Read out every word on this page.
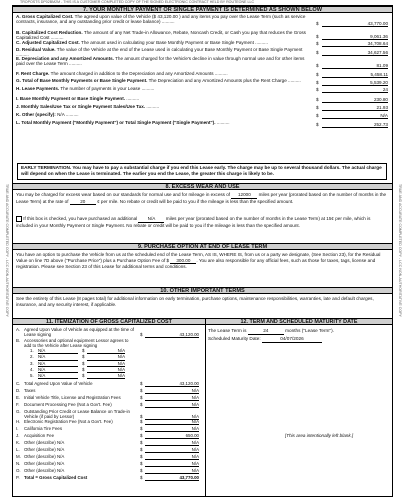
TROPOSTS DP02BM2M - THIS IS A CUSTOMER COMPLETED COPY OF THE SIGNED ELECTRONIC CONTRACT HELD BY ROUTEONE LLC
TRUE AND ACCURATE COMPLETED COPY - LCC NON-AUTHORITATIVE COPY	TRUE AND ACCURATE COMPLETED COPY - LCC NON-AUTHORITATIVE COPY
7. YOUR MONTHLY PAYMENT OR SINGLE PAYMENT IS DETERMINED AS SHOWN BELOW
A. Gross Capitalized Cost. The agreed upon value of the Vehicle ($ 43,120.00 ) and any items you pay over the Lease Term (such as service contracts, insurance, and any outstanding prior credit or lease balance) ..........	$	43,770.00
B. Capitalized Cost Reduction. The amount of any Net Trade-in Allowance, Rebate, Noncash Credit, or Cash you pay that reduces the Gross Capitalized Cost ..........	$	9,061.36
C. Adjusted Capitalized Cost. The amount used in calculating your Base Monthly Payment or Base Single Payment ..........	$	34,708.64
D. Residual Value. The value of the Vehicle at the end of the Lease used in calculating your Base Monthly Payment or Base Single Payment ..........	$	34,627.56
E. Depreciation and any Amortized Amounts. The amount charged for the Vehicle's decline in value through normal use and for other items paid over the Lease Term ..........	$	81.09
F. Rent Charge. The amount charged in addition to the Depreciation and any Amortized Amounts ..........	$	5,458.11
G. Total of Base Monthly Payments or Base Single Payment. The Depreciation and any Amortized Amounts plus the Rent Charge ..........	$	5,539.20
H. Lease Payments. The number of payments in your Lease ..........	$	24
I. Base Monthly Payment or Base Single Payment. ..........	$	230.80
J. Monthly Sales/Use Tax or Single Payment Sales/Use Tax. ..........	$	21.93
K. Other (specify): N/A ..........	$	N/A
L. Total Monthly Payment ("Monthly Payment") or Total Single Payment ("Single Payment"). ..........	$	252.73
EARLY TERMINATION. You may have to pay a substantial charge if you end this Lease early. The charge may be up to several thousand dollars. The actual charge will depend on when the Lease is terminated. The earlier you end the Lease, the greater this charge is likely to be.
8. EXCESS WEAR AND USE
You may be charged for excess wear based on our standards for normal use and for mileage in excess of 12000 miles per year (prorated based on the number of months in the Lease Term) at the rate of	20	¢ per mile. No rebate or credit will be paid to you if the mileage is less than the specified amount.
If this box is checked, you have purchased an additional N/A miles per year (prorated based on the number of months in the Lease Term) at 15¢ per mile, which is included in your Monthly Payment or Single Payment. No rebate or credit will be paid to you if the mileage is less than the specified amount.
9. PURCHASE OPTION AT END OF LEASE TERM
You have an option to purchase the Vehicle from us at the scheduled end of the Lease Term, AS IS, WHERE IS, from us or a party we designate, (See Section 23), for the Residual Value on line 7D above ("Purchase Price") plus a Purchase Option Fee of $ 300.00 . You are also responsible for any official fees, such as those for taxes, tags, license and registration. Please see Section 23 of this Lease for additional terms and conditions.
10. OTHER IMPORTANT TERMS
See the entirety of this Lease (8 pages total) for additional information on early termination, purchase options, maintenance responsibilities, warranties, late and default charges, insurance, and any security interest, if applicable.
11. ITEMIZATION OF GROSS CAPITALIZED COST	12. TERM AND SCHEDULED MATURITY DATE
A. Agreed Upon Value of Vehicle as equipped at the time of Lease signing	$	43,120.00
B. Accessories and optional equipment Lessor agrees to add to the Vehicle after Lease signing
1. N/A	$	N/A
2. N/A	$	N/A
3. N/A	$	N/A
4. N/A	$	N/A
5. N/A	$	N/A
C. Total Agreed Upon Value of Vehicle	$	43,120.00
D. Taxes	$	N/A
E. Initial Vehicle Title, License and Registration Fees	$	N/A
F.	Document Processing Fee (Not a Gov't. Fee)	$	N/A
G. Outstanding Prior Credit or Lease Balance on Trade-in Vehicle (if paid by Lessor)	$	N/A
H. Electronic Registration Fee (Not a Gov't. Fee)	$	N/A
I.	California Tire Fees	$	N/A
J.	Acquisition Fee	$	650.00
K. Other (describe) N/A	$	N/A
L. Other (describe) N/A	$	N/A
M. Other (describe) N/A	$	N/A
N. Other (describe) N/A	$	N/A
O. Other (describe) N/A	$	N/A
P.	Total = Gross Capitalized Cost	$	43,770.00
The Lease Term is	24	months ("Lease Term").
Scheduled Maturity Date:	04/07/2026
[This area intentionally left blank.]
